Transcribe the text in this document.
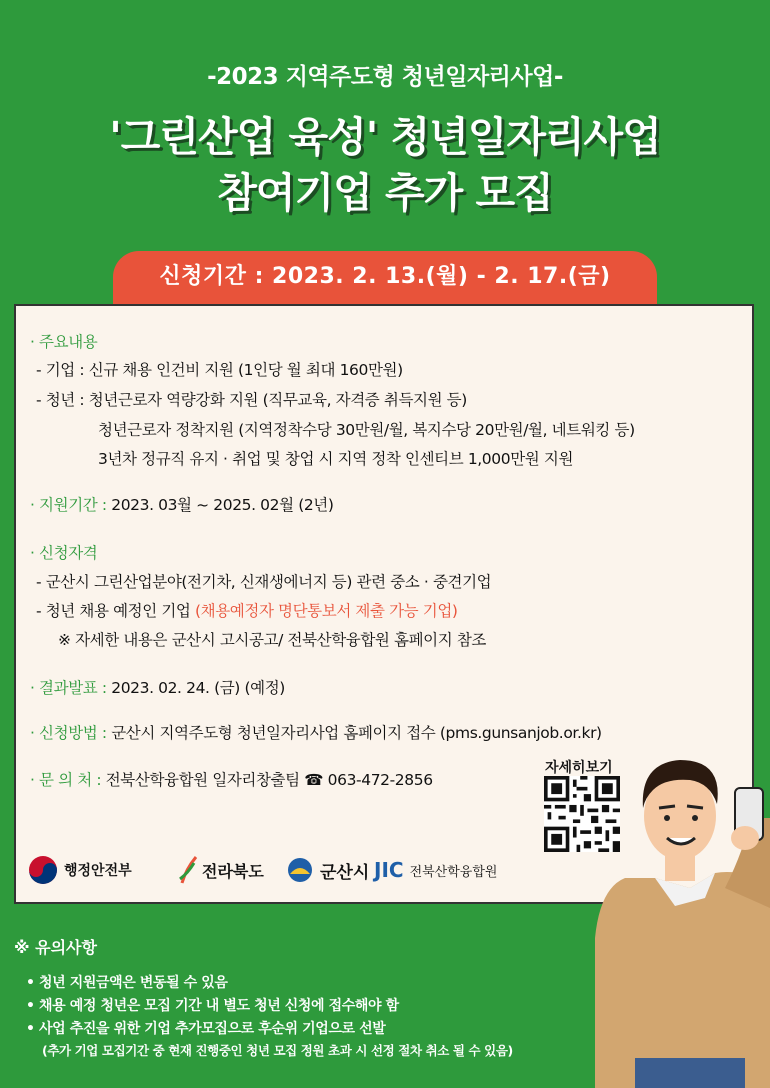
-2023 지역주도형 청년일자리사업-
'그린산업 육성' 청년일자리사업
참여기업 추가 모집
신청기간 : 2023. 2. 13.(월) - 2. 17.(금)
· 주요내용
- 기업 : 신규 채용 인건비 지원 (1인당 월 최대 160만원)
- 청년 : 청년근로자 역량강화 지원 (직무교육, 자격증 취득지원 등)
청년근로자 정착지원 (지역정착수당 30만원/월, 복지수당 20만원/월, 네트워킹 등)
3년차 정규직 유지 · 취업 및 창업 시 지역 정착 인센티브 1,000만원 지원
· 지원기간 : 2023. 03월 ~ 2025. 02월 (2년)
· 신청자격
- 군산시 그린산업분야(전기차, 신재생에너지 등) 관련 중소 · 중견기업
- 청년 채용 예정인 기업 (채용예정자 명단통보서 제출 가능 기업)
※ 자세한 내용은 군산시 고시공고/ 전북산학융합원 홈페이지 참조
· 결과발표 : 2023. 02. 24. (금) (예정)
· 신청방법 : 군산시 지역주도형 청년일자리사업 홈페이지 접수 (pms.gunsanjob.or.kr)
· 문 의 처 : 전북산학융합원 일자리창출팀 ☎ 063-472-2856
자세히보기
행정안전부	전라북도	군산시 JIC 전북산학융합원
※ 유의사항
• 청년 지원금액은 변동될 수 있음
• 채용 예정 청년은 모집 기간 내 별도 청년 신청에 접수해야 함
• 사업 추진을 위한 기업 추가모집으로 후순위 기업으로 선발
(추가 기업 모집기간 중 현재 진행중인 청년 모집 정원 초과 시 선정 절차 취소 될 수 있음)
